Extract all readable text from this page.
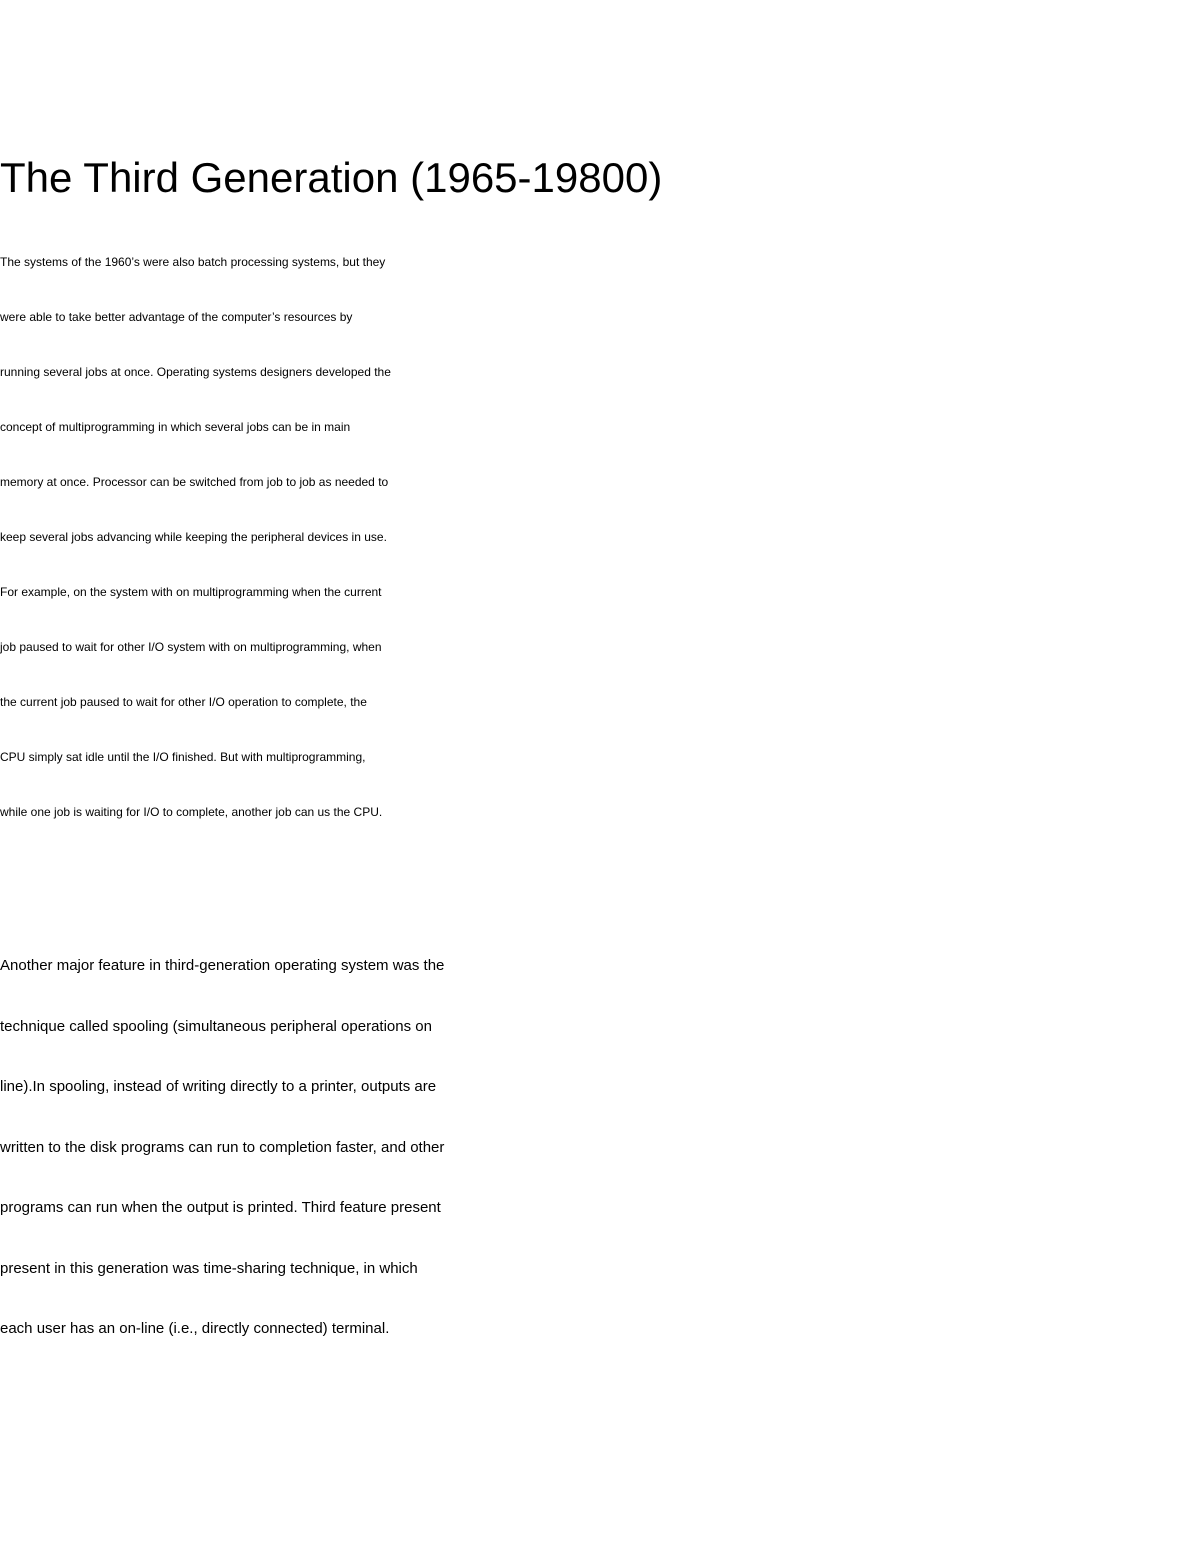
The Third Generation (1965-19800)
The systems of the 1960’s were also batch processing systems, but they
were able to take better advantage of the computer’s resources by
running several jobs at once. Operating systems designers developed the
concept of multiprogramming in which several jobs can be in main
memory at once. Processor can be switched from job to job as needed to
keep several jobs advancing while keeping the peripheral devices in use.
For example, on the system with on multiprogramming when the current
job paused to wait for other I/O system with on multiprogramming, when
the current job paused to wait for other I/O operation to complete, the
CPU simply sat idle until the I/O finished. But with multiprogramming,
while one job is waiting for I/O to complete, another job can us the CPU.
Another major feature in third-generation operating system was the
technique called spooling (simultaneous peripheral operations on
line).In spooling, instead of writing directly to a printer, outputs are
written to the disk programs can run to completion faster, and other
programs can run when the output is printed. Third feature present
present in this generation was time-sharing technique, in which
each user has an on-line (i.e., directly connected) terminal.
